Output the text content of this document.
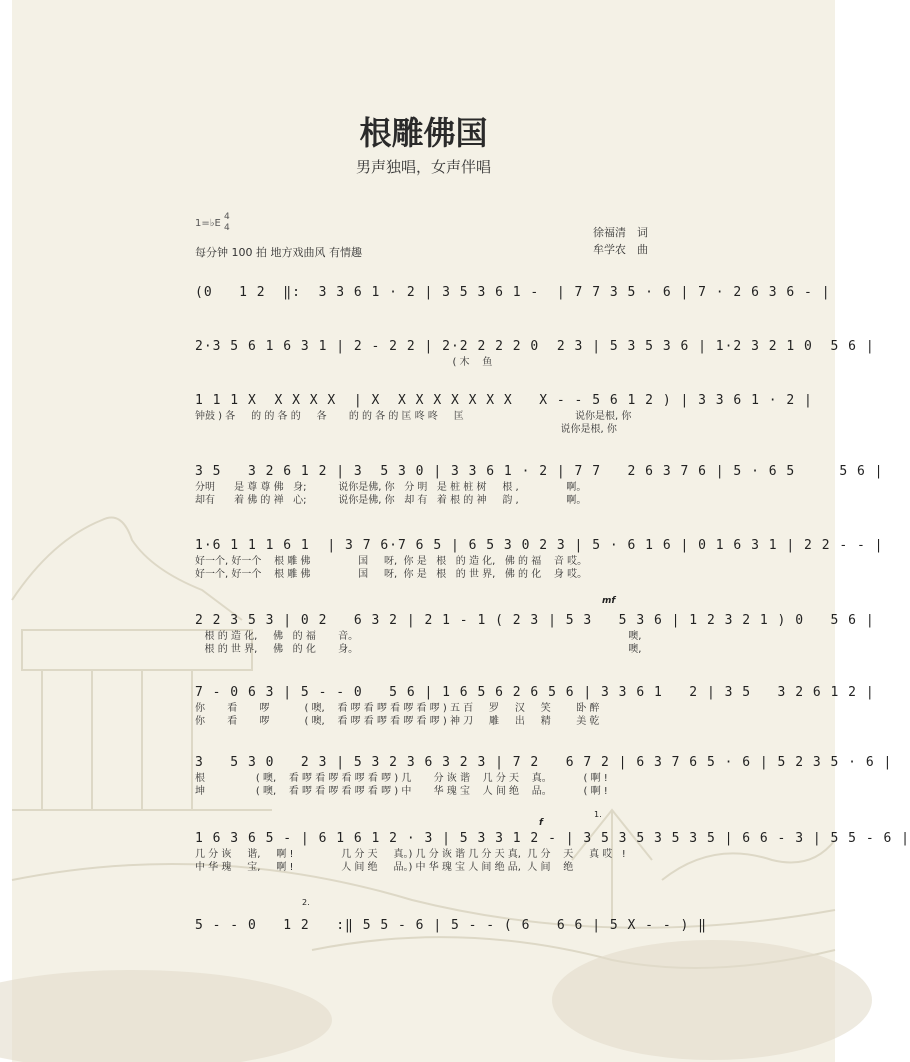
根雕佛国
男声独唱，女声伴唱
1=♭E 4
4
每分钟 100 拍 地方戏曲风 有情趣
徐福清 词
牟学农 曲
(0   1 2  ‖:  3 3 6 1 · 2 | 3 5 3 6 1 -  | 7 7 3 5 · 6 | 7 · 2 6 3 6 - |
2·3 5 6 1 6 3 1 | 2 - 2 2 | 2·2 2 2 2 0  2 3 | 5 3 5 3 6 | 1·2 3 2 1 0  5 6 |
( 木    鱼
1 1 1 X  X X X X  | X  X X X X X X X   X - - 5 6 1 2 ) | 3 3 6 1 · 2 |
钟鼓 ) 各     的 的 各 的     各       的 的 各 的 匡 咚 咚     匡                                   说你是根, 你
说你是根, 你
3 5   3 2 6 1 2 | 3  5 3 0 | 3 3 6 1 · 2 | 7 7   2 6 3 7 6 | 5 · 6 5     5 6 |
分明      是 尊 尊 佛   身;          说你是佛, 你   分 明   是 桩 桩 树     根 ,               啊。
却有      着 佛 的 禅   心;          说你是佛, 你   却 有   着 根 的 神     韵 ,               啊。
1·6 1 1 1 6 1  | 3 7 6·7 6 5 | 6 5 3 0 2 3 | 5 · 6 1 6 | 0 1 6 3 1 | 2 2 - - |
好一个, 好一个    根 雕 佛               国     呀,  你 是   根   的 造 化,   佛 的 福    音 哎。
好一个, 好一个    根 雕 佛               国     呀,  你 是   根   的 世 界,   佛 的 化    身 哎。
2 2 3 5 3 | 0 2   6 3 2 | 2 1 - 1 ( 2 3 | 5 3   5 3 6 | 1 2 3 2 1 ) 0   5 6 |
根 的 造 化,     佛   的 福       音。                                                                                     噢,
根 的 世 界,     佛   的 化       身。                                                                                     噢,
mf
7 - 0 6 3 | 5 - - 0   5 6 | 1 6 5 6 2 6 5 6 | 3 3 6 1   2 | 3 5   3 2 6 1 2 |
你       看       啰           ( 噢,    看 啰 看 啰 看 啰 看 啰 ) 五 百     罗     汉     笑        卧 醉
你       看       啰           ( 噢,    看 啰 看 啰 看 啰 看 啰 ) 神 刀     雕     出     精        美 乾
3   5 3 0   2 3 | 5 3 2 3 6 3 2 3 | 7 2   6 7 2 | 6 3 7 6 5 · 6 | 5 2 3 5 · 6 |
根                ( 噢,    看 啰 看 啰 看 啰 看 啰 ) 几       分 诙 谐    几 分 天    真。          ( 啊 !
坤                ( 噢,    看 啰 看 啰 看 啰 看 啰 ) 中       华 瑰 宝    人 间 绝    品。          ( 啊 !
1 6 3 6 5 - | 6 1 6 1 2 · 3 | 5 3 3 1 2 - | 3 5 3 5 3 5 3 5 | 6 6 - 3 | 5 5 - 6 |
几 分 诙     谐,     啊 !               几 分 天     真。) 几 分 诙 谐 几 分 天 真,  几 分    天     真 哎   !
中 华 瑰     宝,     啊 !               人 间 绝     品。) 中 华 瑰 宝 人 间 绝 品,  人 间    绝
f
1.
5 - - 0   1 2   :‖ 5 5 - 6 | 5 - - ( 6   6 6 | 5 X - - ) ‖
2.
